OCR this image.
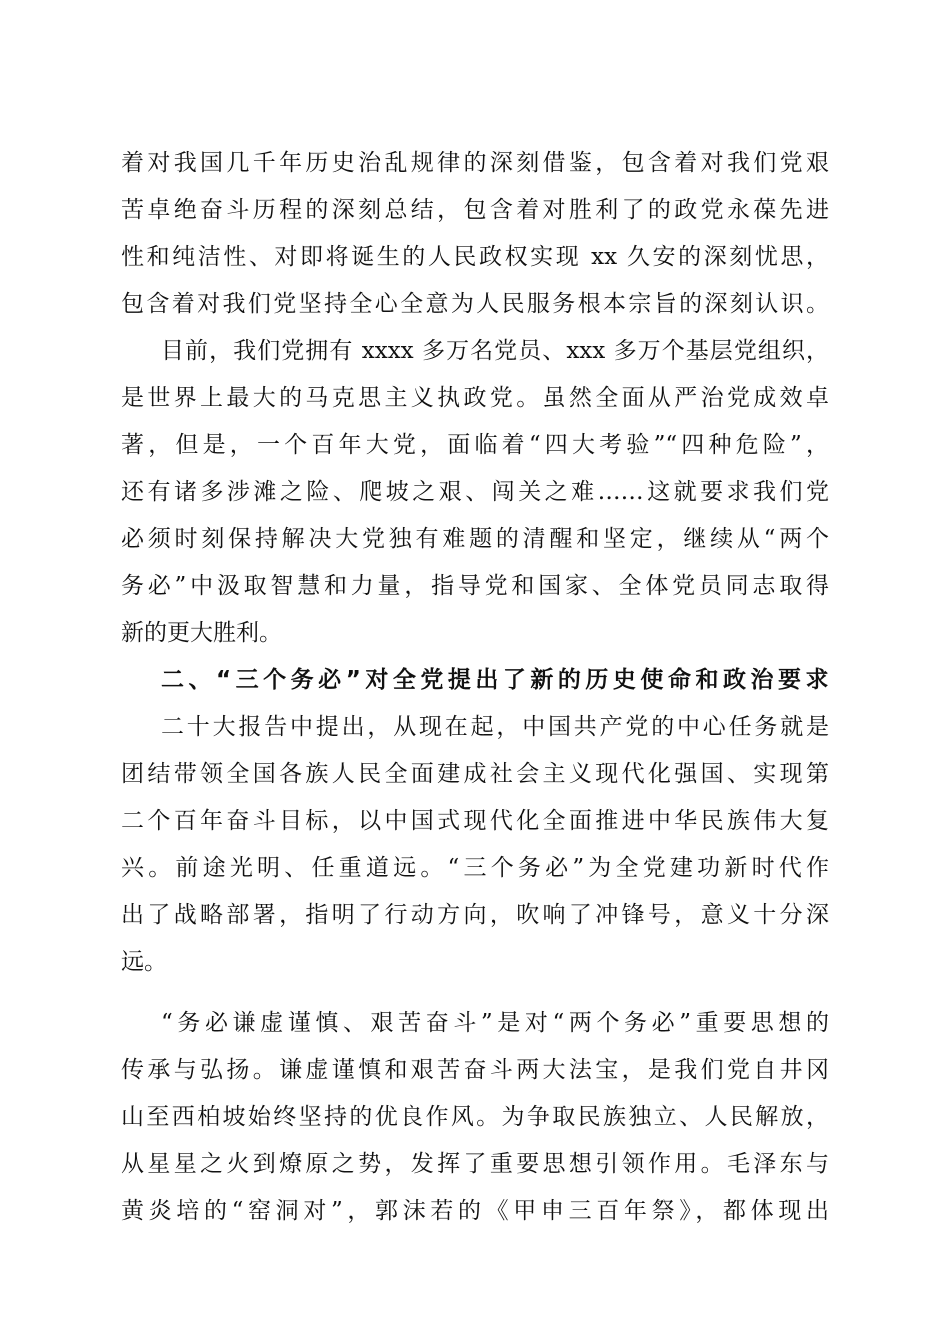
着对我国几千年历史治乱规律的深刻借鉴，包含着对我们党艰
苦卓绝奋斗历程的深刻总结，包含着对胜利了的政党永葆先进
性和纯洁性、对即将诞生的人民政权实现 xx 久安的深刻忧思，
包含着对我们党坚持全心全意为人民服务根本宗旨的深刻认识。
目前，我们党拥有 xxxx 多万名党员、xxx 多万个基层党组织，
是世界上最大的马克思主义执政党。虽然全面从严治党成效卓
著，但是，一个百年大党，面临着“四大考验”“四种危险”，
还有诸多涉滩之险、爬坡之艰、闯关之难……这就要求我们党
必须时刻保持解决大党独有难题的清醒和坚定，继续从“两个
务必”中汲取智慧和力量，指导党和国家、全体党员同志取得
新的更大胜利。
二、“三个务必”对全党提出了新的历史使命和政治要求
二十大报告中提出，从现在起，中国共产党的中心任务就是
团结带领全国各族人民全面建成社会主义现代化强国、实现第
二个百年奋斗目标，以中国式现代化全面推进中华民族伟大复
兴。前途光明、任重道远。“三个务必”为全党建功新时代作
出了战略部署，指明了行动方向，吹响了冲锋号，意义十分深
远。
“务必谦虚谨慎、艰苦奋斗”是对“两个务必”重要思想的
传承与弘扬。谦虚谨慎和艰苦奋斗两大法宝，是我们党自井冈
山至西柏坡始终坚持的优良作风。为争取民族独立、人民解放，
从星星之火到燎原之势，发挥了重要思想引领作用。毛泽东与
黄炎培的“窑洞对”，郭沫若的《甲申三百年祭》，都体现出
